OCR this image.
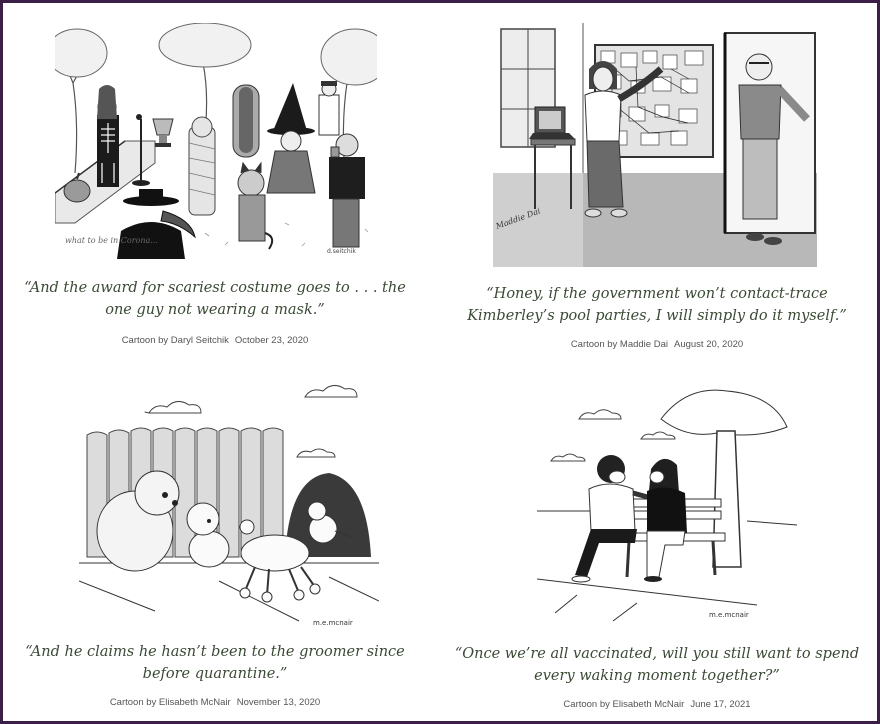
what to be in Corona...
d.seitchik
“And the award for scariest costume goes to . . . the one guy not wearing a mask.”
Cartoon by Daryl Seitchik October 23, 2020
Maddie Dai
“Honey, if the government won’t contact-trace Kimberley’s pool parties, I will simply do it myself.”
Cartoon by Maddie Dai August 20, 2020
m.e.mcnair
“And he claims he hasn’t been to the groomer since before quarantine.”
Cartoon by Elisabeth McNair November 13, 2020
m.e.mcnair
“Once we’re all vaccinated, will you still want to spend every waking moment together?”
Cartoon by Elisabeth McNair June 17, 2021
